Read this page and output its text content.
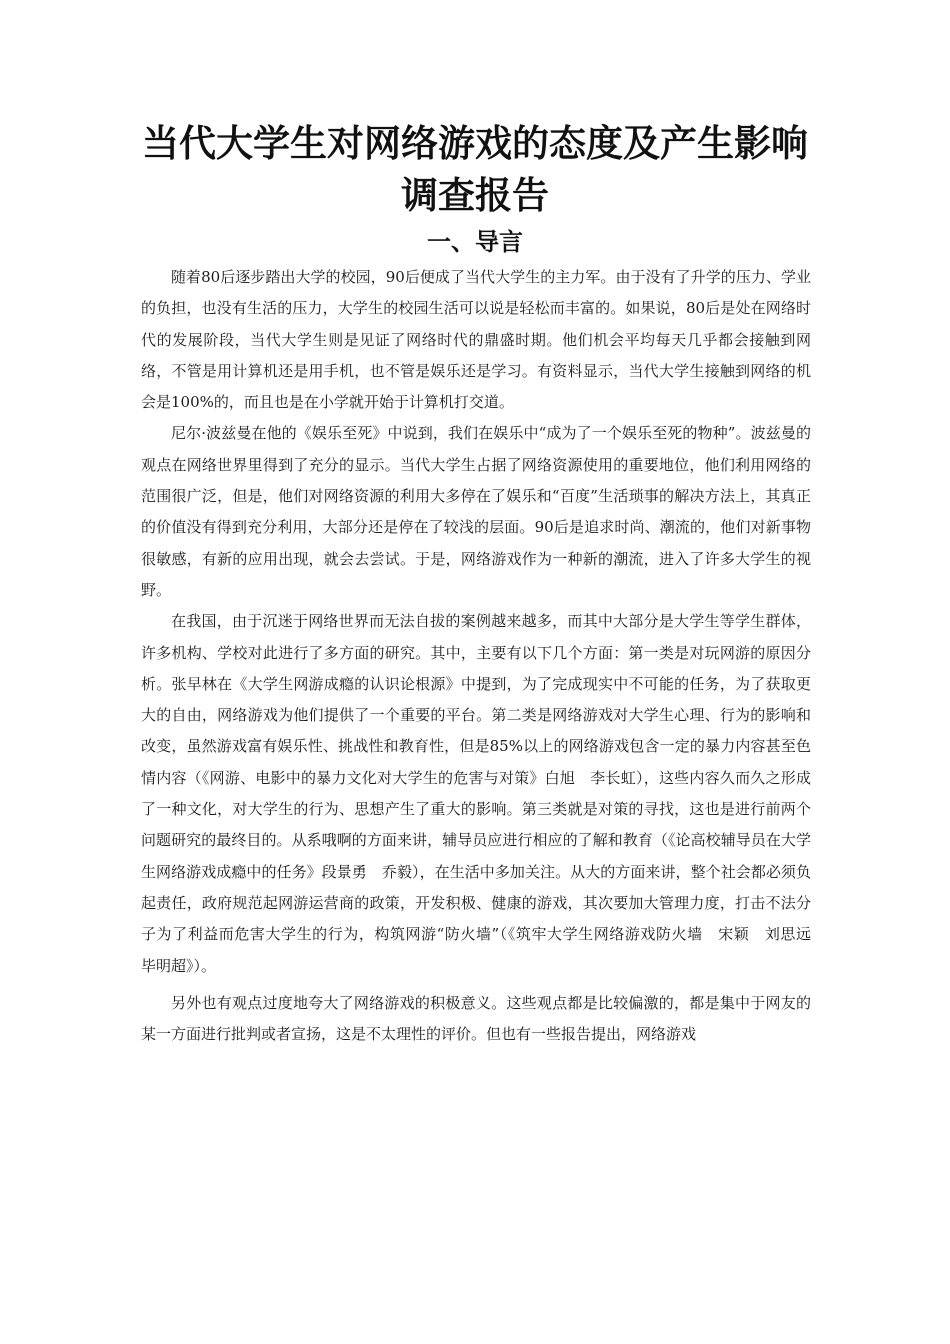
当代大学生对网络游戏的态度及产生影响
调查报告
一、导言

随着80后逐步踏出大学的校园，90后便成了当代大学生的主力军。由于没有了升学的压力、学业的负担，也没有生活的压力，大学生的校园生活可以说是轻松而丰富的。如果说，80后是处在网络时代的发展阶段，当代大学生则是见证了网络时代的鼎盛时期。他们机会平均每天几乎都会接触到网络，不管是用计算机还是用手机，也不管是娱乐还是学习。有资料显示，当代大学生接触到网络的机会是100%的，而且也是在小学就开始于计算机打交道。

尼尔·波兹曼在他的《娱乐至死》中说到，我们在娱乐中“成为了一个娱乐至死的物种”。波兹曼的观点在网络世界里得到了充分的显示。当代大学生占据了网络资源使用的重要地位，他们利用网络的范围很广泛，但是，他们对网络资源的利用大多停在了娱乐和“百度”生活琐事的解决方法上，其真正的价值没有得到充分利用，大部分还是停在了较浅的层面。90后是追求时尚、潮流的，他们对新事物很敏感，有新的应用出现，就会去尝试。于是，网络游戏作为一种新的潮流，进入了许多大学生的视野。

在我国，由于沉迷于网络世界而无法自拔的案例越来越多，而其中大部分是大学生等学生群体，许多机构、学校对此进行了多方面的研究。其中，主要有以下几个方面：第一类是对玩网游的原因分析。张早林在《大学生网游成瘾的认识论根源》中提到，为了完成现实中不可能的任务，为了获取更大的自由，网络游戏为他们提供了一个重要的平台。第二类是网络游戏对大学生心理、行为的影响和改变，虽然游戏富有娱乐性、挑战性和教育性，但是85%以上的网络游戏包含一定的暴力内容甚至色情内容（《网游、电影中的暴力文化对大学生的危害与对策》白旭　李长虹），这些内容久而久之形成了一种文化，对大学生的行为、思想产生了重大的影响。第三类就是对策的寻找，这也是进行前两个问题研究的最终目的。从系哦啊的方面来讲，辅导员应进行相应的了解和教育（《论高校辅导员在大学生网络游戏成瘾中的任务》段景勇　乔毅），在生活中多加关注。从大的方面来讲，整个社会都必须负起责任，政府规范起网游运营商的政策，开发积极、健康的游戏，其次要加大管理力度，打击不法分子为了利益而危害大学生的行为，构筑网游“防火墙”（《筑牢大学生网络游戏防火墙　宋颖　刘思远　毕明超》）。

另外也有观点过度地夸大了网络游戏的积极意义。这些观点都是比较偏激的，都是集中于网友的某一方面进行批判或者宣扬，这是不太理性的评价。但也有一些报告提出，网络游戏
